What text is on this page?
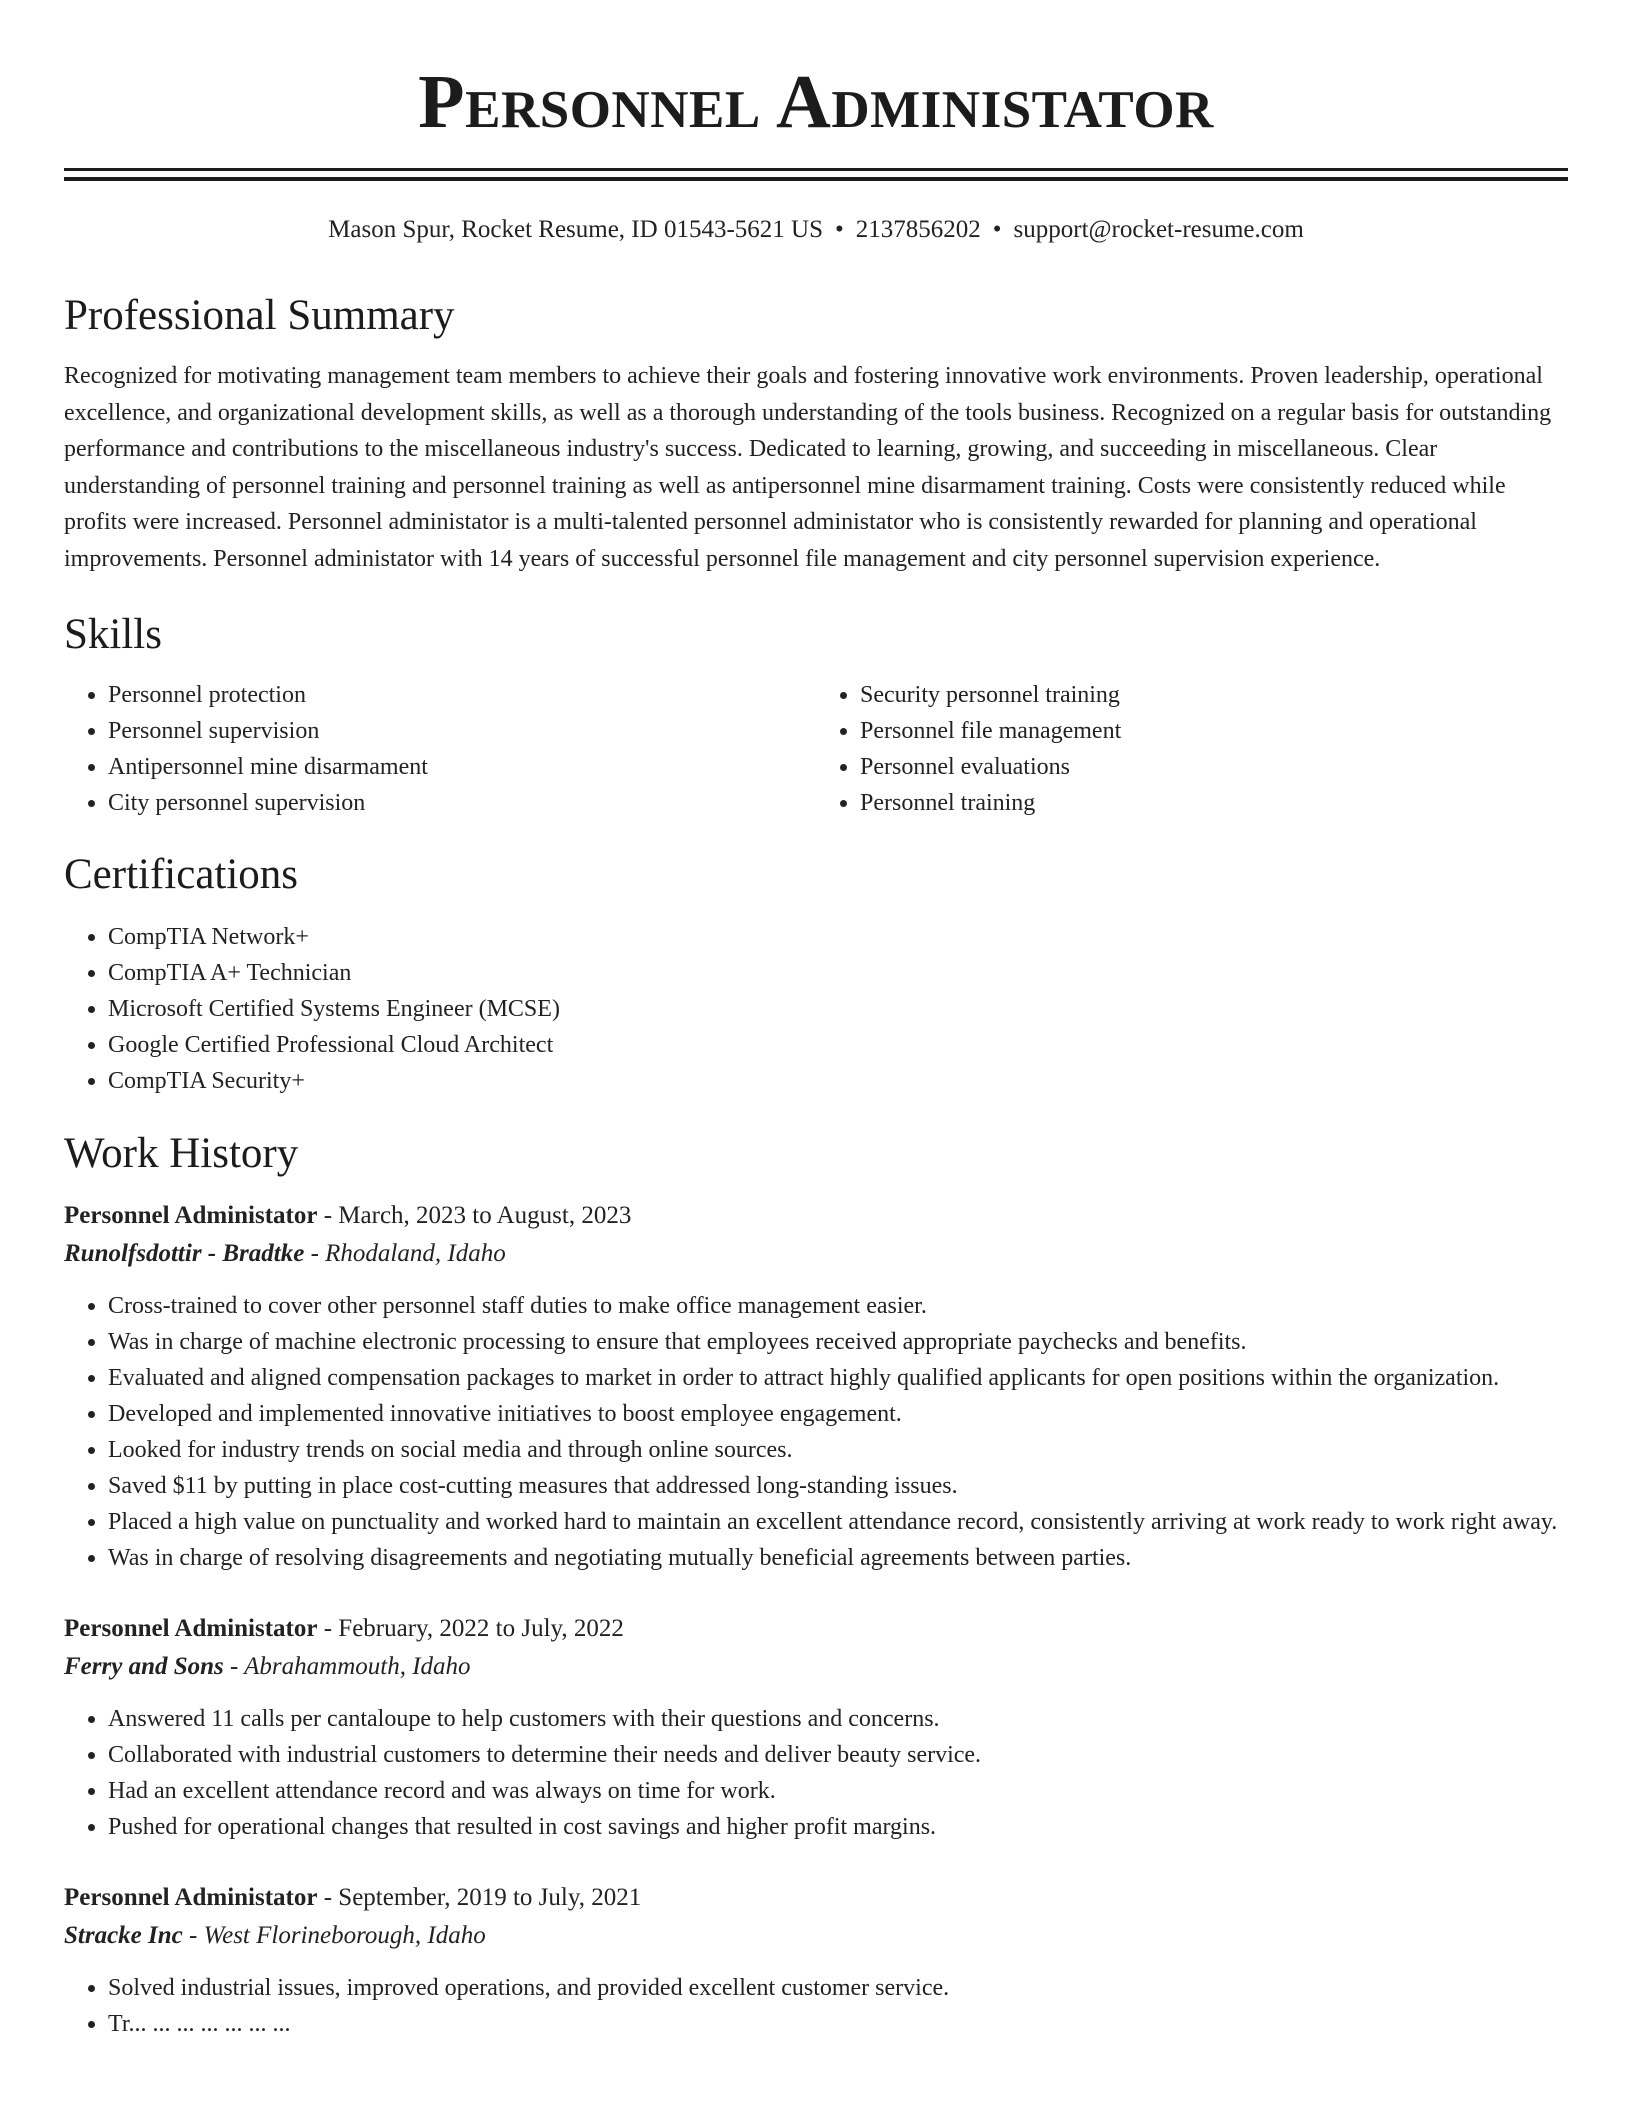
Personnel Administator
Mason Spur, Rocket Resume, ID 01543-5621 US • 2137856202 • support@rocket-resume.com
Professional Summary

Recognized for motivating management team members to achieve their goals and fostering innovative work environments. Proven leadership, operational excellence, and organizational development skills, as well as a thorough understanding of the tools business. Recognized on a regular basis for outstanding performance and contributions to the miscellaneous industry's success. Dedicated to learning, growing, and succeeding in miscellaneous. Clear understanding of personnel training and personnel training as well as antipersonnel mine disarmament training. Costs were consistently reduced while profits were increased. Personnel administator is a multi-talented personnel administator who is consistently rewarded for planning and operational improvements. Personnel administator with 14 years of successful personnel file management and city personnel supervision experience.

Skills
• Personnel protection
• Personnel supervision
• Antipersonnel mine disarmament
• City personnel supervision
• Security personnel training
• Personnel file management
• Personnel evaluations
• Personnel training
Certifications
• CompTIA Network+
• CompTIA A+ Technician
• Microsoft Certified Systems Engineer (MCSE)
• Google Certified Professional Cloud Architect
• CompTIA Security+
Work History
Personnel Administator - March, 2023 to August, 2023
Runolfsdottir - Bradtke - Rhodaland, Idaho
• Cross-trained to cover other personnel staff duties to make office management easier.
• Was in charge of machine electronic processing to ensure that employees received appropriate paychecks and benefits.
• Evaluated and aligned compensation packages to market in order to attract highly qualified applicants for open positions within the organization.
• Developed and implemented innovative initiatives to boost employee engagement.
• Looked for industry trends on social media and through online sources.
• Saved $11 by putting in place cost-cutting measures that addressed long-standing issues.
• Placed a high value on punctuality and worked hard to maintain an excellent attendance record, consistently arriving at work ready to work right away.
• Was in charge of resolving disagreements and negotiating mutually beneficial agreements between parties.
Personnel Administator - February, 2022 to July, 2022
Ferry and Sons - Abrahammouth, Idaho
• Answered 11 calls per cantaloupe to help customers with their questions and concerns.
• Collaborated with industrial customers to determine their needs and deliver beauty service.
• Had an excellent attendance record and was always on time for work.
• Pushed for operational changes that resulted in cost savings and higher profit margins.
Personnel Administator - September, 2019 to July, 2021
Stracke Inc - West Florineborough, Idaho
• Solved industrial issues, improved operations, and provided excellent customer service.
• Tr... ... ... ... ... ... ...
